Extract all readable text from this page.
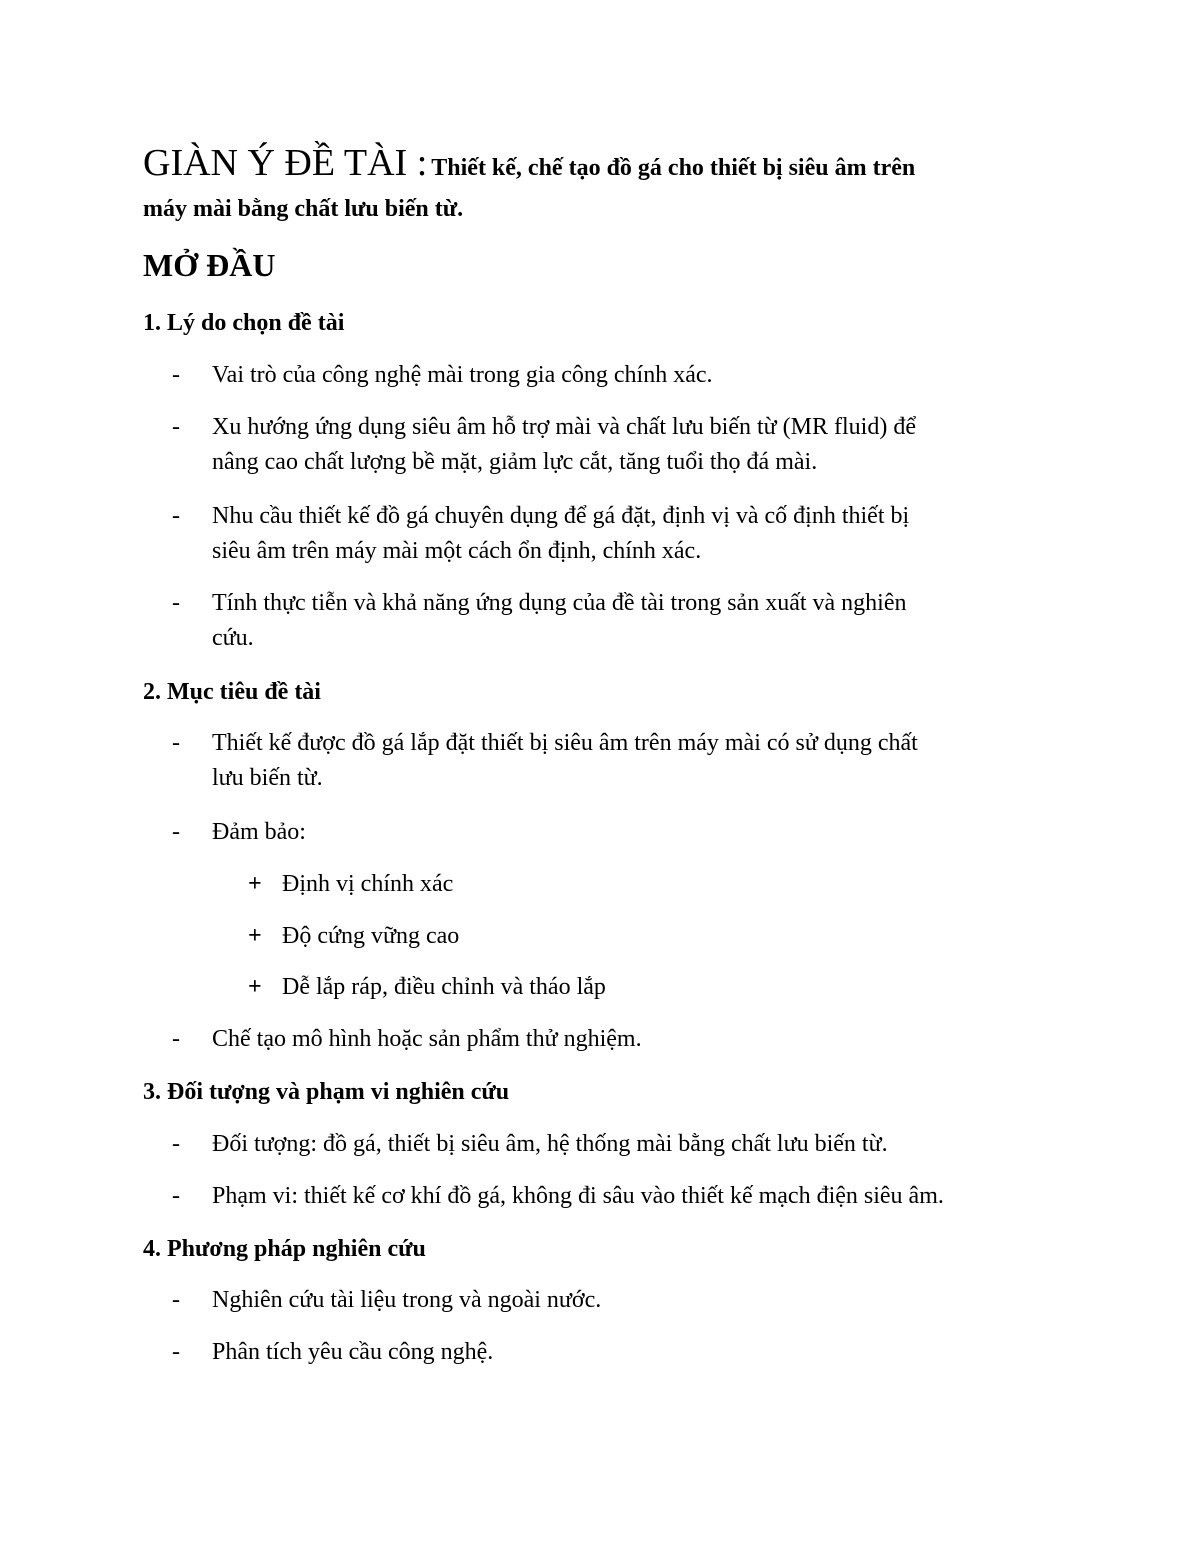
GIÀN Ý ĐỀ TÀI : Thiết kế, chế tạo đồ gá cho thiết bị siêu âm trên
máy mài bằng chất lưu biến từ.
MỞ ĐẦU
1. Lý do chọn đề tài
-	Vai trò của công nghệ mài trong gia công chính xác.
-	Xu hướng ứng dụng siêu âm hỗ trợ mài và chất lưu biến từ (MR fluid) để
nâng cao chất lượng bề mặt, giảm lực cắt, tăng tuổi thọ đá mài.
-	Nhu cầu thiết kế đồ gá chuyên dụng để gá đặt, định vị và cố định thiết bị
siêu âm trên máy mài một cách ổn định, chính xác.
-	Tính thực tiễn và khả năng ứng dụng của đề tài trong sản xuất và nghiên
cứu.
2. Mục tiêu đề tài
-	Thiết kế được đồ gá lắp đặt thiết bị siêu âm trên máy mài có sử dụng chất
lưu biến từ.
-	Đảm bảo:
+ Định vị chính xác
+ Độ cứng vững cao
+ Dễ lắp ráp, điều chỉnh và tháo lắp
-	Chế tạo mô hình hoặc sản phẩm thử nghiệm.
3. Đối tượng và phạm vi nghiên cứu
-	Đối tượng: đồ gá, thiết bị siêu âm, hệ thống mài bằng chất lưu biến từ.
-	Phạm vi: thiết kế cơ khí đồ gá, không đi sâu vào thiết kế mạch điện siêu âm.
4. Phương pháp nghiên cứu
-	Nghiên cứu tài liệu trong và ngoài nước.
-	Phân tích yêu cầu công nghệ.
